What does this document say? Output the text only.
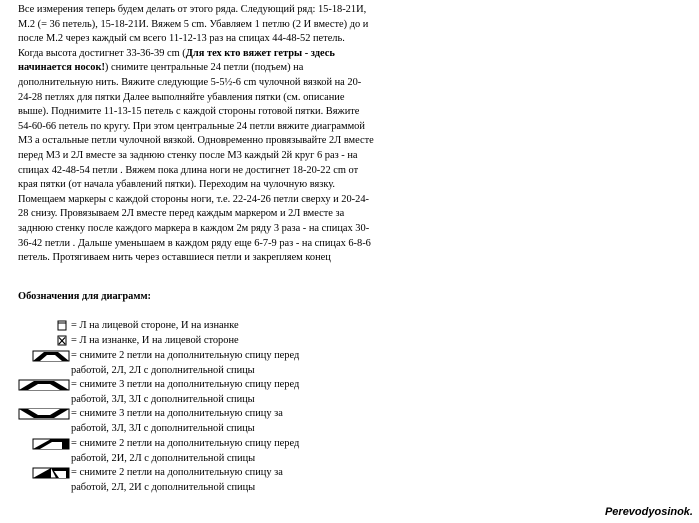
Все измерения теперь будем делать от этого ряда. Следующий ряд: 15-18-21И,
М.2 (= 36 петель), 15-18-21И. Вяжем 5 cm. Убавляем 1 петлю (2 И вместе) до и
после М.2 через каждый см всего 11-12-13 раз на спицах 44-48-52 петель.
Когда высота достигнет 33-36-39 cm (Для тех кто вяжет гетры - здесь
начинается носок!) снимите центральные 24 петли (подъем) на
дополнительную нить. Вяжите следующие 5-5½-6 cm чулочной вязкой на 20-
24-28 петлях для пятки Далее выполняйте убавления пятки (см. описание
выше). Поднимите 11-13-15 петель с каждой стороны готовой пятки. Вяжите
54-60-66 петель по кругу. При этом центральные 24 петли вяжите диаграммой
М3 а остальные петли чулочной вязкой. Одновременно провязывайте 2Л вместе
перед М3 и 2Л вместе за заднюю стенку после М3 каждый 2й круг 6 раз - на
спицах 42-48-54 петли . Вяжем пока длина ноги не достигнет 18-20-22 cm от
края пятки (от начала убавлений пятки). Переходим на чулочную вязку.
Помещаем маркеры с каждой стороны ноги, т.е. 22-24-26 петли сверху и 20-24-
28 снизу. Провязываем 2Л вместе перед каждым маркером и 2Л вместе за
заднюю стенку после каждого маркера в каждом 2м ряду 3 раза - на спицах 30-
36-42 петли . Дальше уменьшаем в каждом ряду еще 6-7-9 раз - на спицах 6-8-6
петель. Протягиваем нить через оставшиеся петли и закрепляем конец
Обозначения для диаграмм:
= Л на лицевой стороне, И на изнанке
= Л на изнанке, И на лицевой стороне
= снимите 2 петли на дополнительную спицу перед
работой, 2Л, 2Л с дополнительной спицы
= снимите 3 петли на дополнительную спицу перед
работой, 3Л, 3Л с дополнительной спицы
= снимите 3 петли на дополнительную спицу за
работой, 3Л, 3Л с дополнительной спицы
= снимите 2 петли на дополнительную спицу перед
работой, 2И, 2Л с дополнительной спицы
= снимите 2 петли на дополнительную спицу за
работой, 2Л, 2И с дополнительной спицы
Perevodyosinok.
